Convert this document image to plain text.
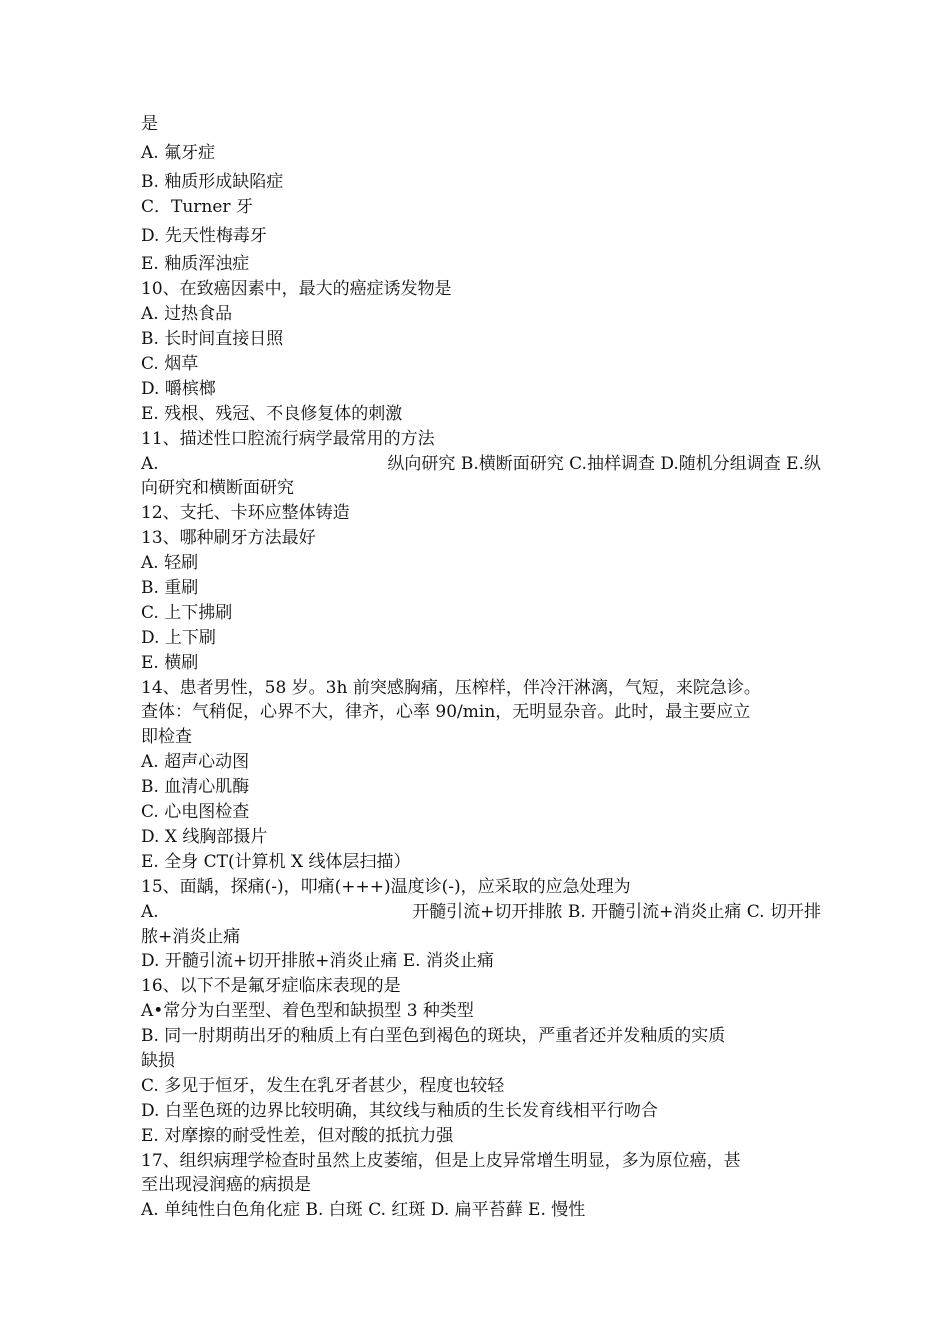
是
A. 氟牙症
B. 釉质形成缺陷症
C．Turner 牙
D. 先天性梅毒牙
E. 釉质浑浊症
10、在致癌因素中，最大的癌症诱发物是
A. 过热食品
B. 长时间直接日照
C. 烟草
D. 嚼槟榔
E. 残根、残冠、不良修复体的刺激
11、描述性口腔流行病学最常用的方法
A.	纵向研究 B.横断面研究 C.抽样调查 D.随机分组调查 E.纵
向研究和横断面研究
12、支托、卡环应整体铸造
13、哪种刷牙方法最好
A. 轻刷
B. 重刷
C. 上下拂刷
D. 上下刷
E. 横刷
14、患者男性，58 岁。3h 前突感胸痛，压榨样，伴冷汗淋漓，气短，来院急诊。
查体：气稍促，心界不大，律齐，心率 90/min，无明显杂音。此时，最主要应立
即检查
A. 超声心动图
B. 血清心肌酶
C. 心电图检查
D. X 线胸部摄片
E. 全身 CT(计算机 X 线体层扫描）
15、面龋，探痛(-)，叩痛(+++)温度诊(-)，应采取的应急处理为
A.	开髓引流+切开排脓 B. 开髓引流+消炎止痛 C. 切开排
脓+消炎止痛
D. 开髓引流+切开排脓+消炎止痛 E. 消炎止痛
16、以下不是氟牙症临床表现的是
A•常分为白垩型、着色型和缺损型 3 种类型
B. 同一肘期萌出牙的釉质上有白垩色到褐色的斑块，严重者还并发釉质的实质
缺损
C. 多见于恒牙，发生在乳牙者甚少，程度也较轻
D. 白垩色斑的边界比较明确，其纹线与釉质的生长发育线相平行吻合
E. 对摩擦的耐受性差，但对酸的抵抗力强
17、组织病理学检查时虽然上皮萎缩，但是上皮异常增生明显，多为原位癌，甚
至出现浸润癌的病损是
A. 单纯性白色角化症 B. 白斑 C. 红斑 D. 扁平苔藓 E. 慢性
